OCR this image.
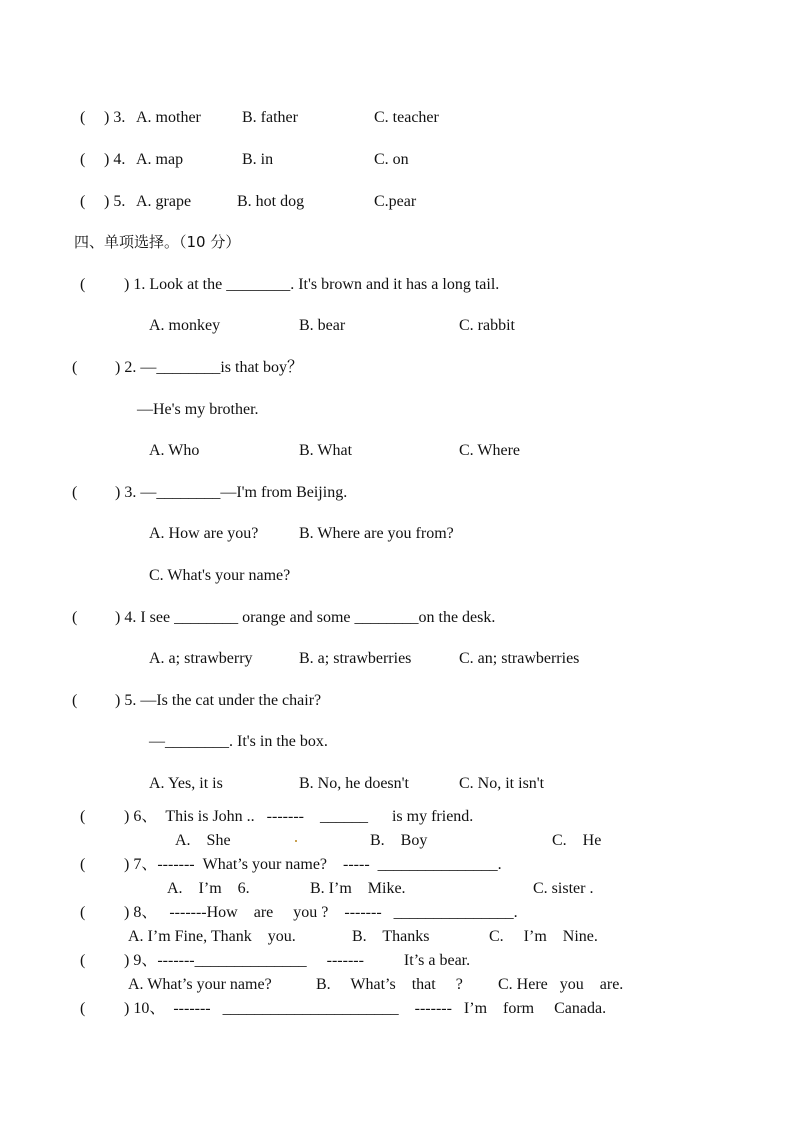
( ) 3. A. mother	B. father	C. teacher
( ) 4. A. map	B. in	C. on
( ) 5. A. grape	B. hot dog	C.pear
四、单项选择。（10 分）
( ) 1. Look at the ________. It's brown and it has a long tail.
A. monkey	B. bear	C. rabbit
( ) 2. —________is that boy？
—He's my brother.
A. Who	B. What	C. Where
( ) 3. —________—I'm from Beijing.
A. How are you?	B. Where are you from?
C. What's your name?
( ) 4. I see ________ orange and some ________on the desk.
A. a; strawberry	B. a; strawberries	C. an; strawberries
( ) 5. —Is the cat under the chair?
—________. It's in the box.
A. Yes, it is	B. No, he doesn't	C. No, it isn't
( ) 6、  This is John ..   -------    ______      is my friend.
A.    She	B.    Boy	C.    He
( ) 7、-------  What’s your name?    -----  _______________.
A.    I’m    6.	B. I’m    Mike.	C. sister .
( ) 8、   -------How    are     you ?    -------   _______________.
A. I’m Fine, Thank    you.	B.    Thanks	C.     I’m    Nine.
( ) 9、-------______________     -------          It’s a bear.
A. What’s your name?	B.     What’s    that     ? C. Here   you    are.
( ) 10、  -------   ______________________    -------   I’m    form     Canada.
